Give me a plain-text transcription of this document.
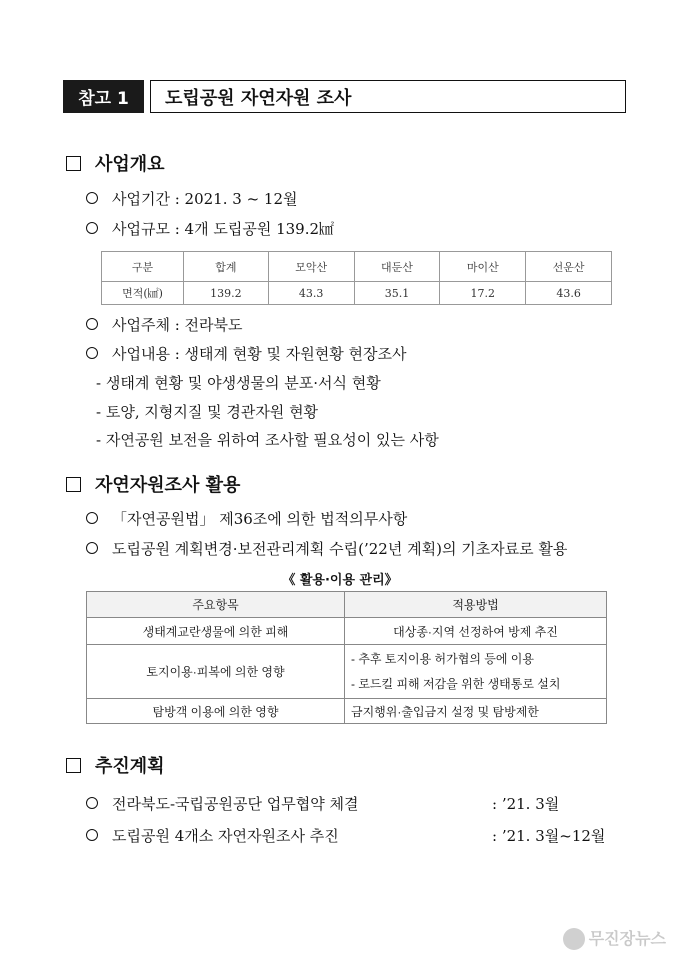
참고 1	도립공원 자연자원 조사
사업개요
사업기간 : 2021. 3 ~ 12월
사업규모 : 4개 도립공원 139.2㎢
구분	합계	모악산	대둔산	마이산	선운산
면적(㎢)	139.2	43.3	35.1	17.2	43.6
사업주체 : 전라북도
사업내용 : 생태계 현황 및 자원현황 현장조사
- 생태계 현황 및 야생생물의 분포·서식 현황
- 토양, 지형지질 및 경관자원 현황
- 자연공원 보전을 위하여 조사할 필요성이 있는 사항
자연자원조사 활용
「자연공원법」 제36조에 의한 법적의무사항
도립공원 계획변경·보전관리계획 수립(’22년 계획)의 기초자료로 활용
《 활용·이용 관리》
주요항목	적용방법
생태계교란생물에 의한 피해	대상종·지역 선정하여 방제 추진
토지이용·피복에 의한 영향	- 추후 토지이용 허가협의 등에 이용
- 로드킬 피해 저감을 위한 생태통로 설치

탐방객 이용에 의한 영향	금지행위·출입금지 설정 및 탐방제한
추진계획
전라북도-국립공원공단 업무협약 체결	: ’21. 3월
도립공원 4개소 자연자원조사 추진	: ’21. 3월~12월
무진장뉴스
